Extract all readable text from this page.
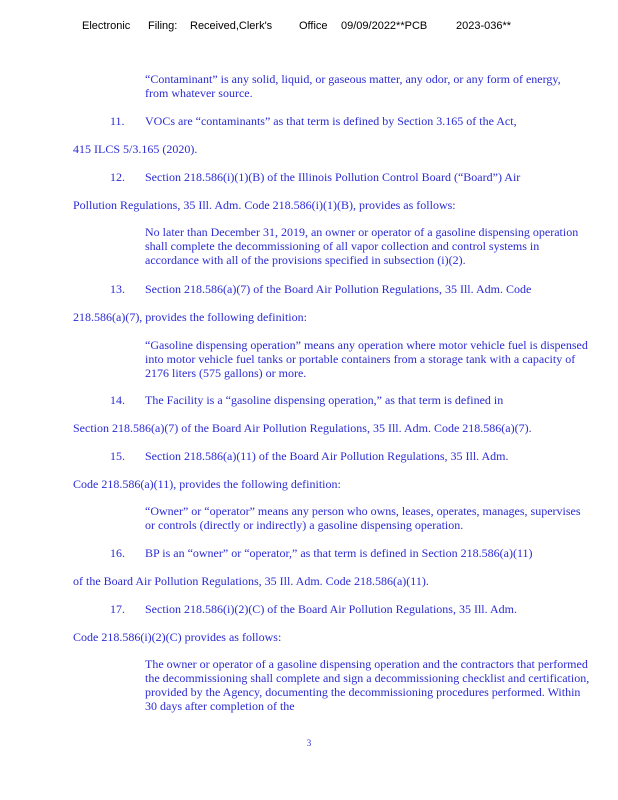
Electronic Filing: Received,Clerk's Office 09/09/2022**PCB	2023-036**
“Contaminant” is any solid, liquid, or gaseous matter, any odor, or any form of energy, from whatever source.
11. VOCs are “contaminants” as that term is defined by Section 3.165 of the Act,
415 ILCS 5/3.165 (2020).
12. Section 218.586(i)(1)(B) of the Illinois Pollution Control Board (“Board”) Air
Pollution Regulations, 35 Ill. Adm. Code 218.586(i)(1)(B), provides as follows:
No later than December 31, 2019, an owner or operator of a gasoline dispensing operation shall complete the decommissioning of all vapor collection and control systems in accordance with all of the provisions specified in subsection (i)(2).
13. Section 218.586(a)(7) of the Board Air Pollution Regulations, 35 Ill. Adm. Code
218.586(a)(7), provides the following definition:
“Gasoline dispensing operation” means any operation where motor vehicle fuel is dispensed into motor vehicle fuel tanks or portable containers from a storage tank with a capacity of 2176 liters (575 gallons) or more.
14. The Facility is a “gasoline dispensing operation,” as that term is defined in
Section 218.586(a)(7) of the Board Air Pollution Regulations, 35 Ill. Adm. Code 218.586(a)(7).
15. Section 218.586(a)(11) of the Board Air Pollution Regulations, 35 Ill. Adm.
Code 218.586(a)(11), provides the following definition:
“Owner” or “operator” means any person who owns, leases, operates, manages, supervises or controls (directly or indirectly) a gasoline dispensing operation.
16. BP is an “owner” or “operator,” as that term is defined in Section 218.586(a)(11)
of the Board Air Pollution Regulations, 35 Ill. Adm. Code 218.586(a)(11).
17. Section 218.586(i)(2)(C) of the Board Air Pollution Regulations, 35 Ill. Adm.
Code 218.586(i)(2)(C) provides as follows:
The owner or operator of a gasoline dispensing operation and the contractors that performed the decommissioning shall complete and sign a decommissioning checklist and certification, provided by the Agency, documenting the decommissioning procedures performed. Within 30 days after completion of the
3
